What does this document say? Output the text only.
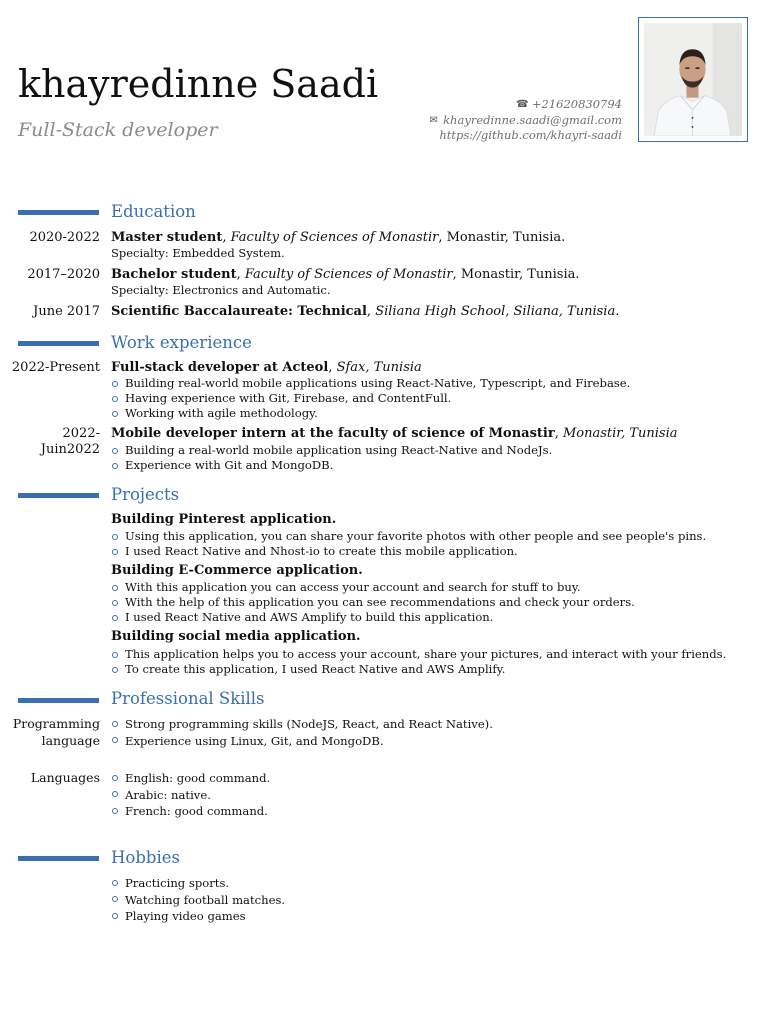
khayredinne Saadi
Full-Stack developer
☎ +21620830794
✉ khayredinne.saadi@gmail.com
https://github.com/khayri-saadi
Education
2020-2022 Master student, Faculty of Sciences of Monastir, Monastir, Tunisia.
Specialty: Embedded System.
2017–2020 Bachelor student, Faculty of Sciences of Monastir, Monastir, Tunisia.
Specialty: Electronics and Automatic.
June 2017 Scientific Baccalaureate: Technical, Siliana High School, Siliana, Tunisia.
Work experience
2022-Present Full-stack developer at Acteol, Sfax, Tunisia
Building real-world mobile applications using React-Native, Typescript, and Firebase.
Having experience with Git, Firebase, and ContentFull.
Working with agile methodology.
2022-
Juin2022
Mobile developer intern at the faculty of science of Monastir, Monastir, Tunisia
Building a real-world mobile application using React-Native and NodeJs.
Experience with Git and MongoDB.
Projects
Building Pinterest application.
Using this application, you can share your favorite photos with other people and see people's pins.
I used React Native and Nhost-io to create this mobile application.
Building E-Commerce application.
With this application you can access your account and search for stuff to buy.
With the help of this application you can see recommendations and check your orders.
I used React Native and AWS Amplify to build this application.
Building social media application.
This application helps you to access your account, share your pictures, and interact with your friends.
To create this application, I used React Native and AWS Amplify.
Professional Skills
Programming
language
Strong programming skills (NodeJS, React, and React Native).
Experience using Linux, Git, and MongoDB.
Languages	English: good command.
Arabic: native.
French: good command.
Hobbies
Practicing sports.
Watching football matches.
Playing video games
